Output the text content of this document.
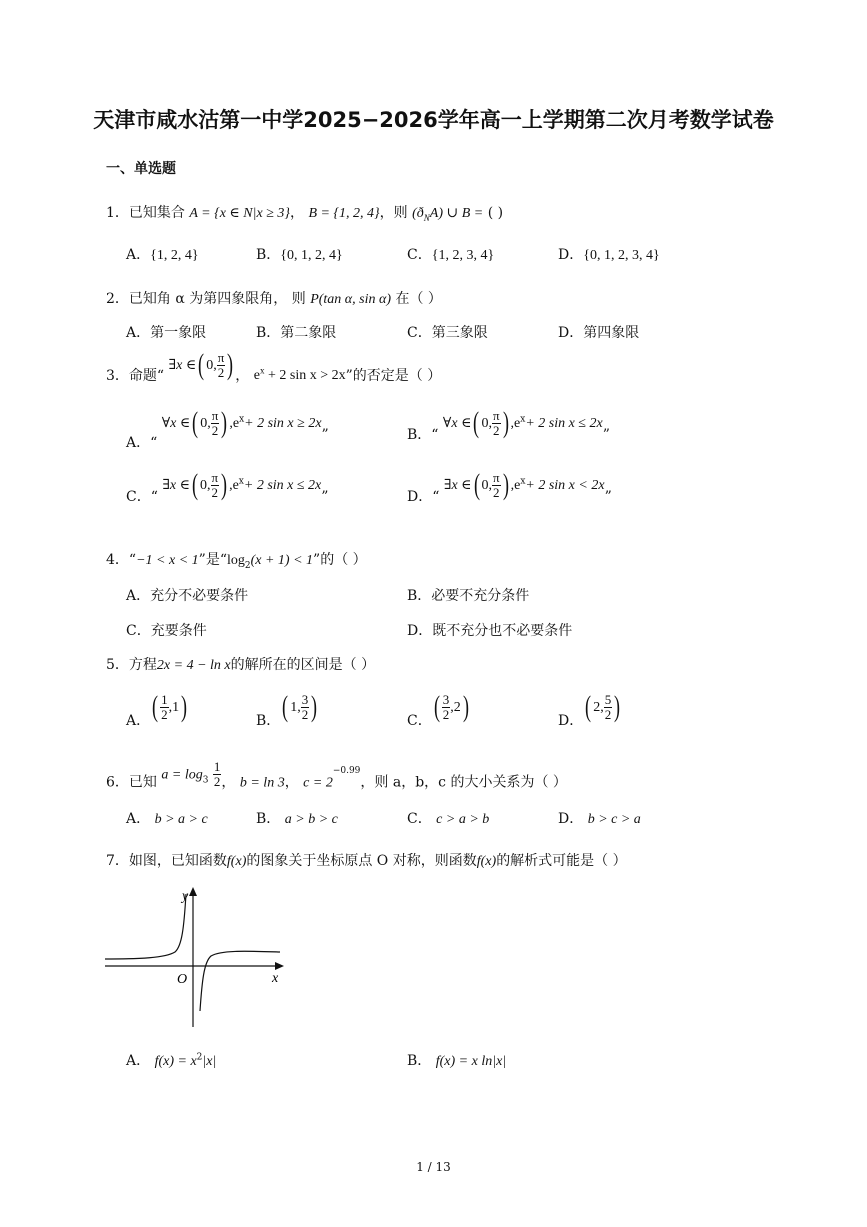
天津市咸水沽第一中学2025−2026学年高一上学期第二次月考数学试卷
一、单选题
1．已知集合 A = {x ∈ N|x ≥ 3}， B = {1, 2, 4}，则 $(ð_NA)$ ∪ B = ( )
A．{1, 2, 4}	B．{0, 1, 2, 4}	C．{1, 2, 3, 4}	D．{0, 1, 2, 3, 4}
2．已知角 α 为第四象限角， 则 P(tan α, sin α) 在（ ）
A．第一象限	B．第二象限	C．第三象限	D．第四象限
3．命题“ ∃x ∈( 0, $\frac{\pi}{2}$ ) ， $e^x + 2$ sin x > 2x”的否定是（ ）
A．“ ∀x ∈( 0, $\frac{\pi}{2}$ ) $,e^x+ 2$ sin x ≥ 2x”	B．“ ∀x ∈( 0, $\frac{\pi}{2}$ ) $,e^x+ 2$ sin x ≤ 2x”
C．“ ∃x ∈( 0, $\frac{\pi}{2}$ ) $,e^x+ 2$ sin x ≤ 2x”	D．“ ∃x ∈( 0, $\frac{\pi}{2}$ ) $,e^x+ 2$ sin x < 2x”
4．“−1 < x < 1”是“$\log_2(x + 1) < 1$”的（ ）
A．充分不必要条件	B．必要不充分条件
C．充要条件	D．既不充分也不必要条件
5．方程2x = 4 − ln x的解所在的区间是（ ）
A．( $\frac{1}{2} ,1$)	B．( 1, $\frac{3}{2}$ )	C．( $\frac{3}{2} ,2$)	D．( 2, $\frac{5}{2}$ )
6．已知 $a = \log_3 \frac{1}{2}$ ， b = ln 3， $c = 2^{-0.99}$，则 a，b，c 的大小关系为（ ）
A． b > a > c	B． a > b > c	C． c > a > b	D． b > c > a
7．如图，已知函数f(x)的图象关于坐标原点 O 对称，则函数f(x)的解析式可能是（ ）
y
x
O
A． $f(x) = x^2|x|$	B． f(x) = x ln|x|
1 / 13
